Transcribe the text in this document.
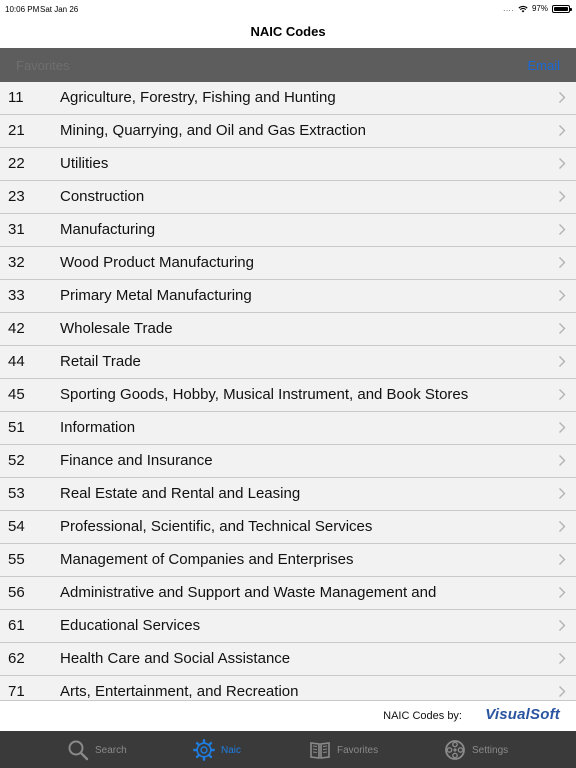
10:06 PM Sat Jan 26	.... 97%
NAIC Codes
Favorites	Email
11 Agriculture, Forestry, Fishing and Hunting
21 Mining, Quarrying, and Oil and Gas Extraction
22 Utilities
23 Construction
31 Manufacturing
32 Wood Product Manufacturing
33 Primary Metal Manufacturing
42 Wholesale Trade
44 Retail Trade
45 Sporting Goods, Hobby, Musical Instrument, and Book Stores
51 Information
52 Finance and Insurance
53 Real Estate and Rental and Leasing
54 Professional, Scientific, and Technical Services
55 Management of Companies and Enterprises
56 Administrative and Support and Waste Management and
61 Educational Services
62 Health Care and Social Assistance
71 Arts, Entertainment, and Recreation
NAIC Codes by: VisualSoft
Search	Naic	Favorites	Settings
